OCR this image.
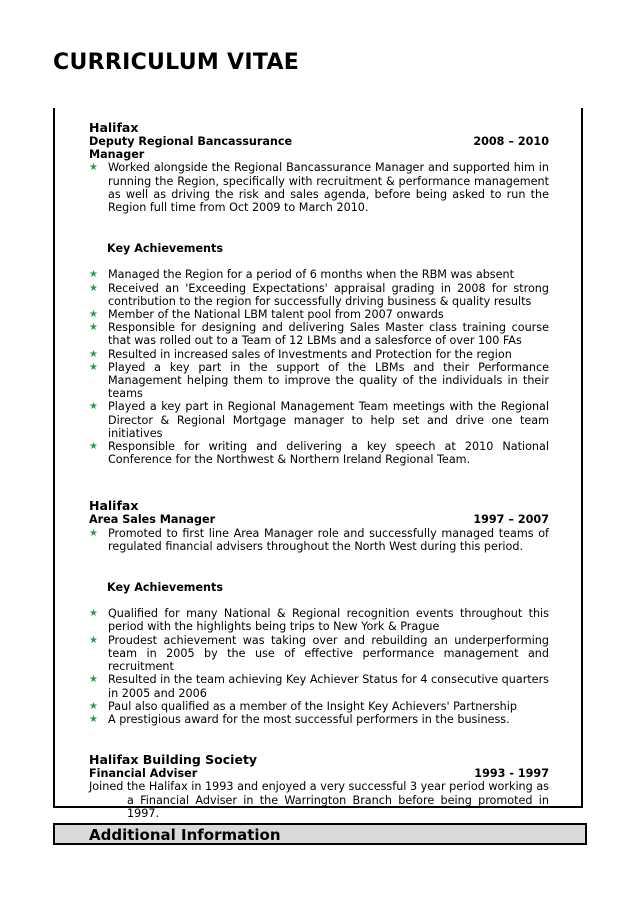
CURRICULUM VITAE
Halifax
Deputy Regional Bancassurance Manager
2008 – 2010
★ Worked alongside the Regional Bancassurance Manager and supported him in running the Region, specifically with recruitment & performance management as well as driving the risk and sales agenda, before being asked to run the Region full time from Oct 2009 to March 2010.
Key Achievements
★ Managed the Region for a period of 6 months when the RBM was absent
★ Received an 'Exceeding Expectations' appraisal grading in 2008 for strong contribution to the region for successfully driving business & quality results
★ Member of the National LBM talent pool from 2007 onwards
★ Responsible for designing and delivering Sales Master class training course that was rolled out to a Team of 12 LBMs and a salesforce of over 100 FAs
★ Resulted in increased sales of Investments and Protection for the region
★ Played a key part in the support of the LBMs and their Performance Management helping them to improve the quality of the individuals in their teams
★ Played a key part in Regional Management Team meetings with the Regional Director & Regional Mortgage manager to help set and drive one team initiatives
★ Responsible for writing and delivering a key speech at 2010 National Conference for the Northwest & Northern Ireland Regional Team.
Halifax
Area Sales Manager	1997 – 2007
★ Promoted to first line Area Manager role and successfully managed teams of regulated financial advisers throughout the North West during this period.
Key Achievements
★ Qualified for many National & Regional recognition events throughout this period with the highlights being trips to New York & Prague
★ Proudest achievement was taking over and rebuilding an underperforming team in 2005 by the use of effective performance management and recruitment
★ Resulted in the team achieving Key Achiever Status for 4 consecutive quarters in 2005 and 2006
★ Paul also qualified as a member of the Insight Key Achievers' Partnership
★ A prestigious award for the most successful performers in the business.
Halifax Building Society
Financial Adviser	1993 - 1997
Joined the Halifax in 1993 and enjoyed a very successful 3 year period working as a Financial Adviser in the Warrington Branch before being promoted in 1997.
Additional Information
